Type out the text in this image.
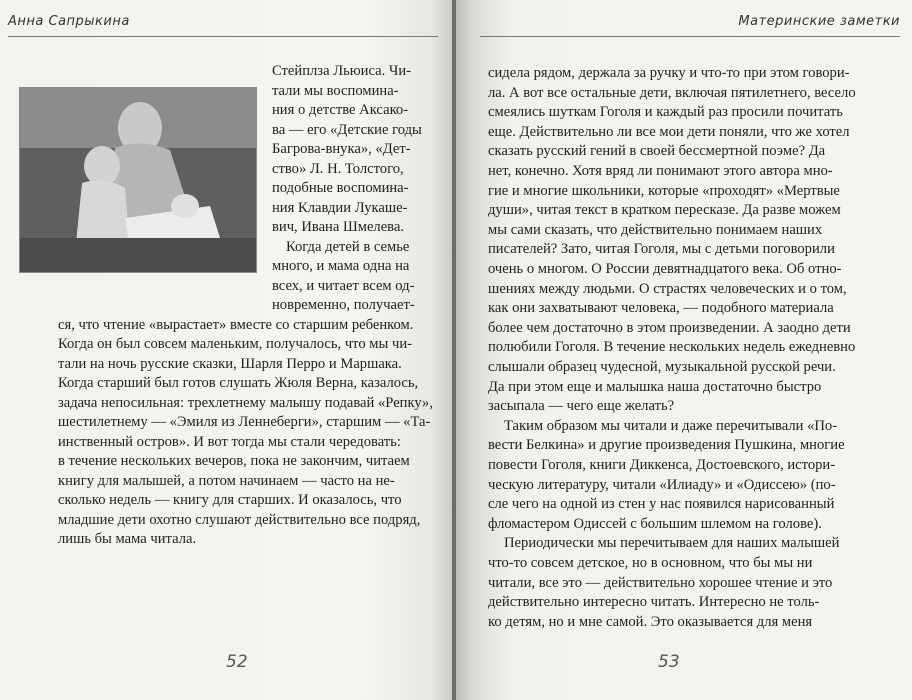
Анна Сапрыкина
Стейплза Льюиса. Чи-
тали мы воспомина-
ния о детстве Аксако-
ва — его «Детские годы
Багрова-внука», «Дет-
ство» Л. Н. Толстого,
подобные воспомина-
ния Клавдии Лукаше-
вич, Ивана Шмелева.
Когда детей в семье
много, и мама одна на
всех, и читает всем од-
новременно, получает-
ся, что чтение «вырастает» вместе со старшим ребенком.
Когда он был совсем маленьким, получалось, что мы чи-
тали на ночь русские сказки, Шарля Перро и Маршака.
Когда старший был готов слушать Жюля Верна, казалось,
задача непосильная: трехлетнему малышу подавай «Репку»,
шестилетнему — «Эмиля из Леннеберги», старшим — «Та-
инственный остров». И вот тогда мы стали чередовать:
в течение нескольких вечеров, пока не закончим, читаем
книгу для малышей, а потом начинаем — часто на не-
сколько недель — книгу для старших. И оказалось, что
младшие дети охотно слушают действительно все подряд,
лишь бы мама читала.
52
Материнские заметки
сидела рядом, держала за ручку и что-то при этом говори-
ла. А вот все остальные дети, включая пятилетнего, весело
смеялись шуткам Гоголя и каждый раз просили почитать
еще. Действительно ли все мои дети поняли, что же хотел
сказать русский гений в своей бессмертной поэме? Да
нет, конечно. Хотя вряд ли понимают этого автора мно-
гие и многие школьники, которые «проходят» «Мертвые
души», читая текст в кратком пересказе. Да разве можем
мы сами сказать, что действительно понимаем наших
писателей? Зато, читая Гоголя, мы с детьми поговорили
очень о многом. О России девятнадцатого века. Об отно-
шениях между людьми. О страстях человеческих и о том,
как они захватывают человека, — подобного материала
более чем достаточно в этом произведении. А заодно дети
полюбили Гоголя. В течение нескольких недель ежедневно
слышали образец чудесной, музыкальной русской речи.
Да при этом еще и малышка наша достаточно быстро
засыпала — чего еще желать?
Таким образом мы читали и даже перечитывали «По-
вести Белкина» и другие произведения Пушкина, многие
повести Гоголя, книги Диккенса, Достоевского, истори-
ческую литературу, читали «Илиаду» и «Одиссею» (по-
сле чего на одной из стен у нас появился нарисованный
фломастером Одиссей с большим шлемом на голове).
Периодически мы перечитываем для наших малышей
что-то совсем детское, но в основном, что бы мы ни
читали, все это — действительно хорошее чтение и это
действительно интересно читать. Интересно не толь-
ко детям, но и мне самой. Это оказывается для меня
53
